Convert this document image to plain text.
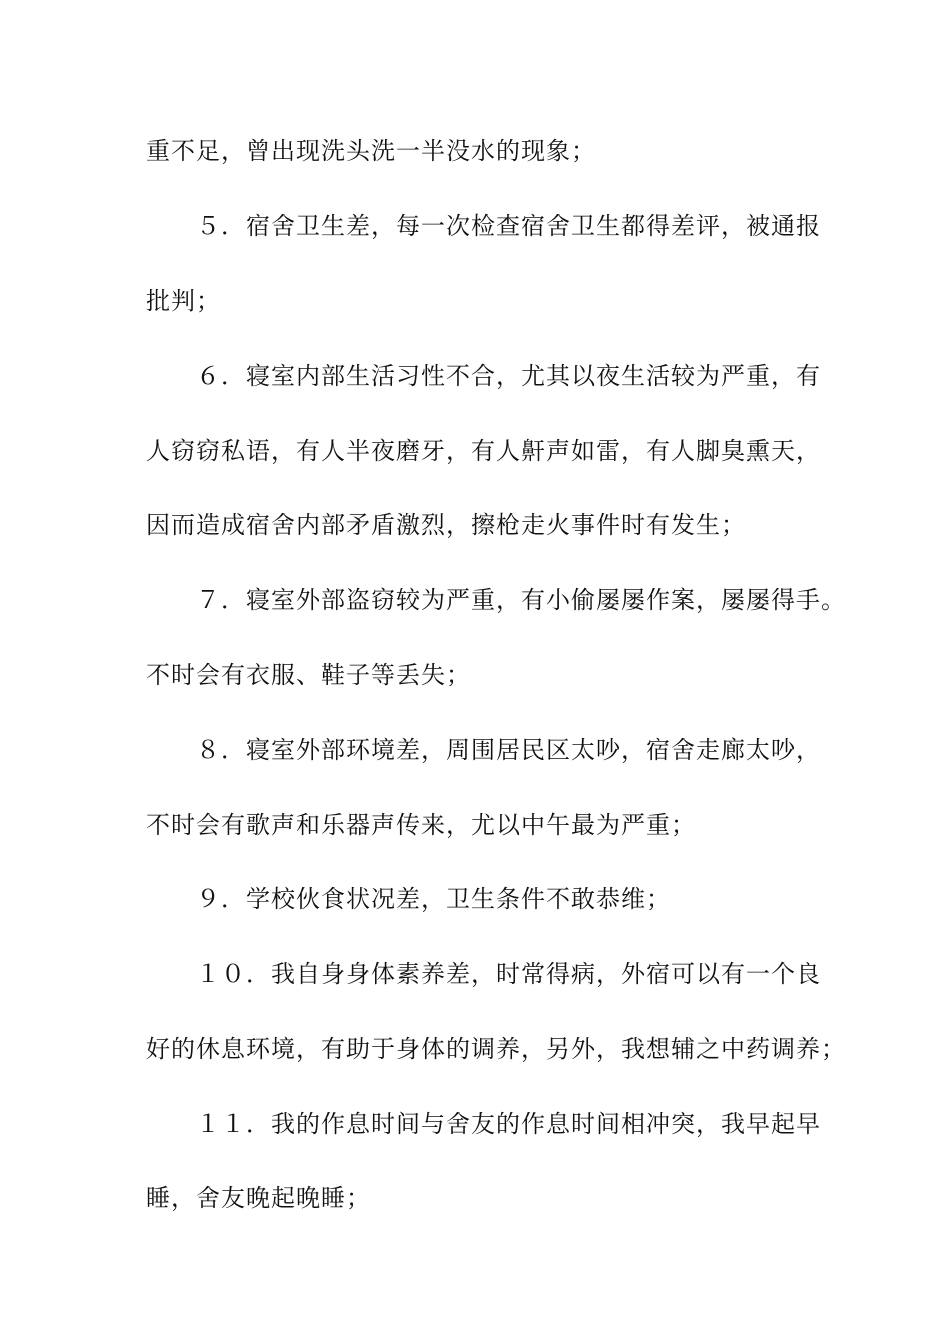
重不足，曾出现洗头洗一半没水的现象；
５．宿舍卫生差，每一次检查宿舍卫生都得差评，被通报
批判；
６．寝室内部生活习性不合，尤其以夜生活较为严重，有
人窃窃私语，有人半夜磨牙，有人鼾声如雷，有人脚臭熏天，
因而造成宿舍内部矛盾激烈，擦枪走火事件时有发生；
７．寝室外部盗窃较为严重，有小偷屡屡作案，屡屡得手。
不时会有衣服、鞋子等丢失；
８．寝室外部环境差，周围居民区太吵，宿舍走廊太吵，
不时会有歌声和乐器声传来，尤以中午最为严重；
９．学校伙食状况差，卫生条件不敢恭维；
１０．我自身身体素养差，时常得病，外宿可以有一个良
好的休息环境，有助于身体的调养，另外，我想辅之中药调养；
１１．我的作息时间与舍友的作息时间相冲突，我早起早
睡，舍友晚起晚睡；
